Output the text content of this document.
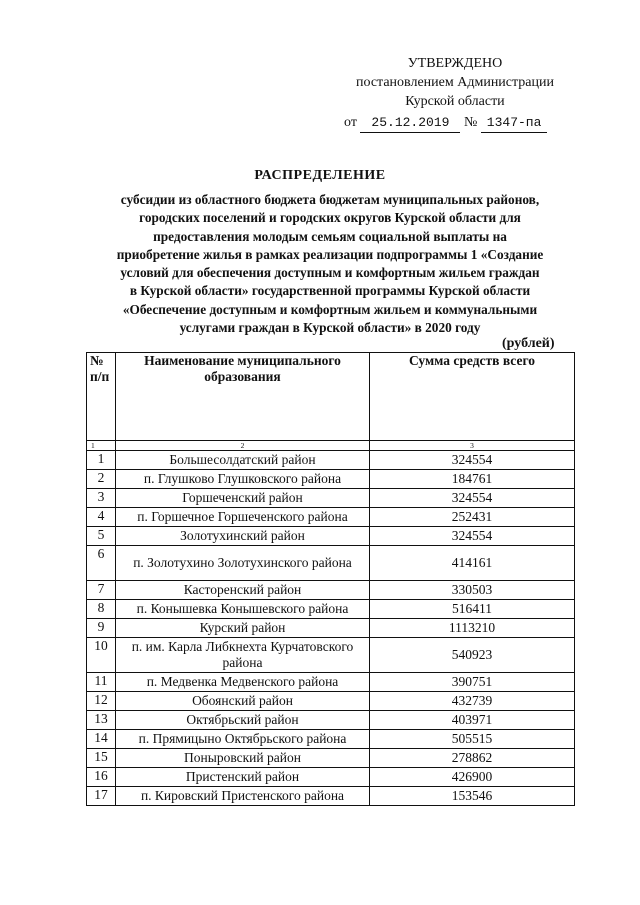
УТВЕРЖДЕНО
постановлением Администрации
Курской области
от 25.12.2019 № 1347-па
РАСПРЕДЕЛЕНИЕ
субсидии из областного бюджета бюджетам муниципальных районов,
городских поселений и городских округов Курской области для
предоставления молодым семьям социальной выплаты на
приобретение жилья в рамках реализации подпрограммы 1 «Создание
условий для обеспечения доступным и комфортным жильем граждан
в Курской области» государственной программы Курской области
«Обеспечение доступным и комфортным жильем и коммунальными
услугами граждан в Курской области» в 2020 году
(рублей)
№ п/п	Наименование муниципального образования	Сумма средств всего
1	2	3
1	Большесолдатский район	324554
2	п. Глушково Глушковского района	184761
3	Горшеченский район	324554
4	п. Горшечное Горшеченского района	252431
5	Золотухинский район	324554
6	п. Золотухино Золотухинского района	414161
7	Касторенский район	330503
8	п. Конышевка Конышевского района	516411
9	Курский район	1113210
10	п. им. Карла Либкнехта Курчатовского района	540923
11	п. Медвенка Медвенского района	390751
12	Обоянский район	432739
13	Октябрьский район	403971
14	п. Прямицыно Октябрьского района	505515
15	Поныровский район	278862
16	Пристенский район	426900
17	п. Кировский Пристенского района	153546
